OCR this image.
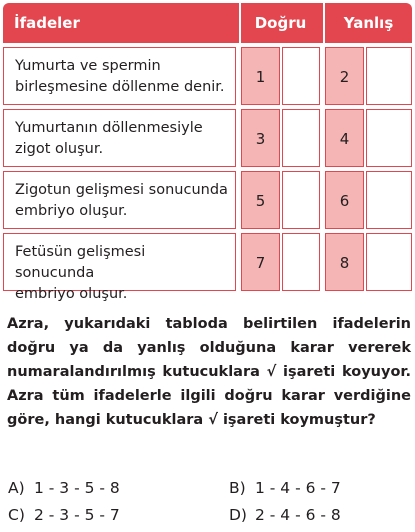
İfadeler	Doğru	Yanlış
Yumurta ve spermin
birleşmesine döllenme denir.
1	2
Yumurtanın döllenmesiyle
zigot oluşur.
3	4
Zigotun gelişmesi sonucunda
embriyo oluşur.
5	6
Fetüsün gelişmesi sonucunda
embriyo oluşur.
7	8
Azra, yukarıdaki tabloda belirtilen ifadelerin doğru ya da yanlış olduğuna karar vererek numaralandırılmış kutucuklara √ işareti koyuyor. Azra tüm ifadelerle ilgili doğru karar verdiğine göre, hangi kutucuklara √ işareti koymuştur?
A) 1 - 3 - 5 - 8	B) 1 - 4 - 6 - 7
C) 2 - 3 - 5 - 7	D) 2 - 4 - 6 - 8
